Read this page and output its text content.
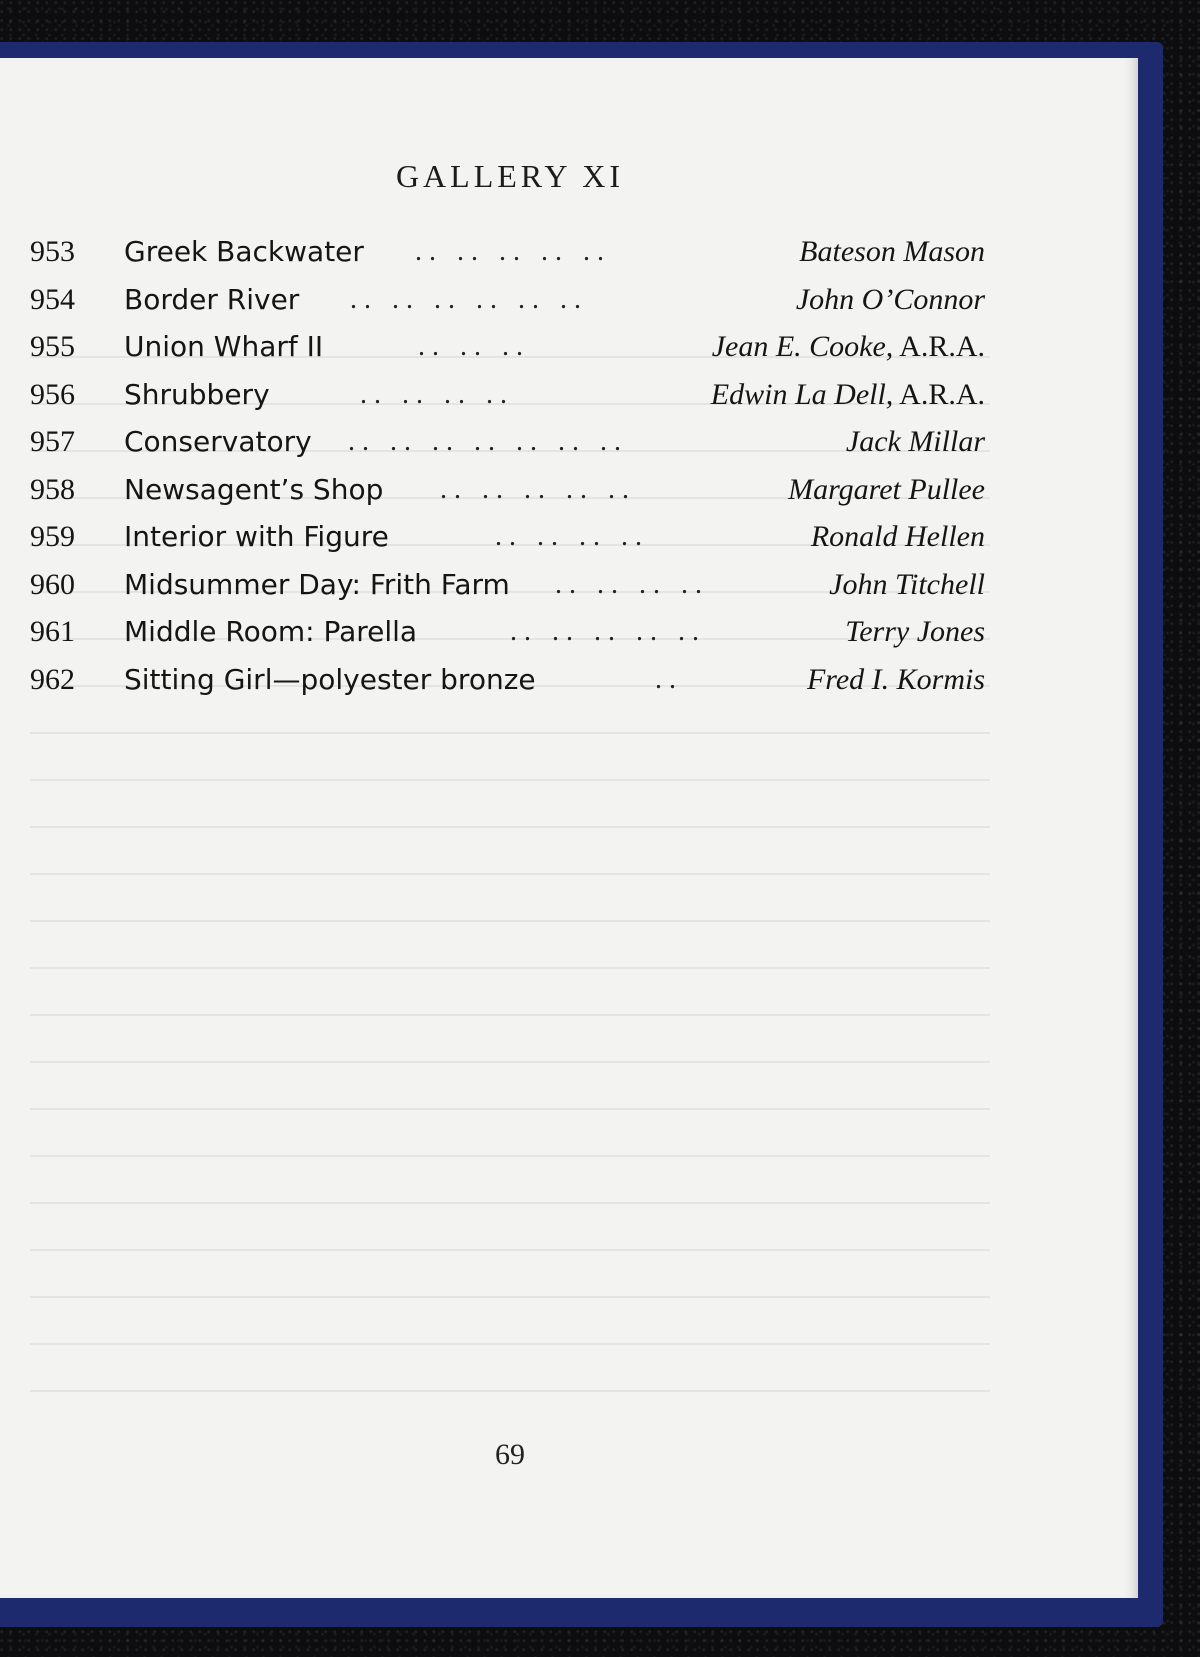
GALLERY XI
953 Greek Backwater . .   . .   . .   . .   . .	Bateson Mason
954 Border River . .   . .   . .   . .   . .   . .	John O’Connor
955 Union Wharf II	. .   . .   . .	Jean E. Cooke, A.R.A.
956 Shrubbery	. .   . .   . .   . .	Edwin La Dell, A.R.A.
957 Conservatory . .   . .   . .   . .   . .   . .   . .	Jack Millar
958 Newsagent’s Shop . .   . .   . .   . .   . .	Margaret Pullee
959 Interior with Figure	. .   . .   . .   . .	Ronald Hellen
960 Midsummer Day: Frith Farm . .   . .   . .   . .	John Titchell
961 Middle Room: Parella	. .   . .   . .   . .   . .	Terry Jones
962 Sitting Girl—polyester bronze	. .	Fred I. Kormis
69
